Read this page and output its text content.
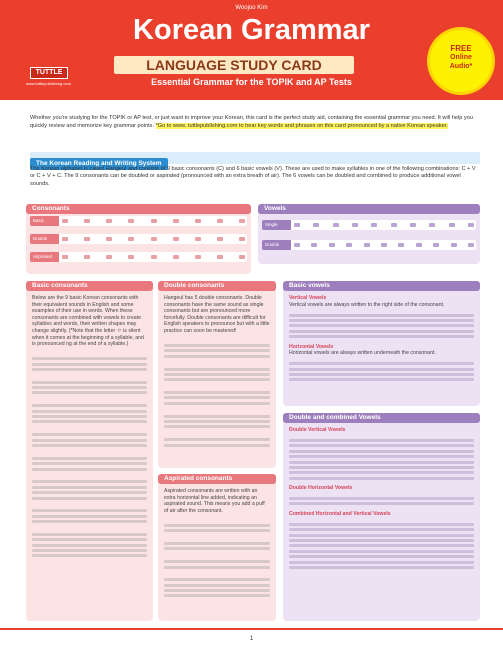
Woojoo Kim
Korean Grammar
LANGUAGE STUDY CARD
Essential Grammar for the TOPIK and AP Tests
TUTTLE
www.tuttlepublishing.com
FREE
Online
Audio*
Whether you're studying for the TOPIK or AP test, or just want to improve your Korean, this card is the perfect study aid, containing the essential grammar you need. It will help you quickly review and memorize key grammar points. *Go to www. tuttlepublishing.com to hear key words and phrases on this card pronounced by a native Korean speaker.
The Korean Reading and Writing System
The Korean alphabet is called Hangeul and consists of 9 basic consonants (C) and 6 basic vowels (V). These are used to make syllables in one of the following combinations: C + V or C + V + C. The 9 consonants can be doubled or aspirated (pronounced with an extra breath of air). The 6 vowels can be doubled and combined to produce additional vowel sounds.
Consonants
Basic
Double
Aspirated
Vowels
Single
Double
Basic consonants
Below are the 9 basic Korean consonants with their equivalent sounds in English and some examples of their use in words. When these consonants are combined with vowels to create syllables and words, their written shapes may change slightly. (*Note that the letter ㅇ is silent when it comes at the beginning of a syllable, and is pronounced ng at the end of a syllable.)
Double consonants
Hangeul has 5 double consonants. Double consonants have the same sound as single consonants but are pronounced more forcefully. Double consonants are difficult for English speakers to pronounce but with a little practice can soon be mastered!
Aspirated consonants
Aspirated consonants are written with an extra horizontal line added, indicating an aspirated sound. This means you add a puff of air after the consonant.
Basic vowels
Vertical Vowels
Vertical vowels are always written to the right side of the consonant.
Horizontal Vowels
Horizontal vowels are always written underneath the consonant.
Double and combined Vowels
Double Vertical Vowels
Double Horizontal Vowels
Combined Horizontal and Vertical Vowels
1
